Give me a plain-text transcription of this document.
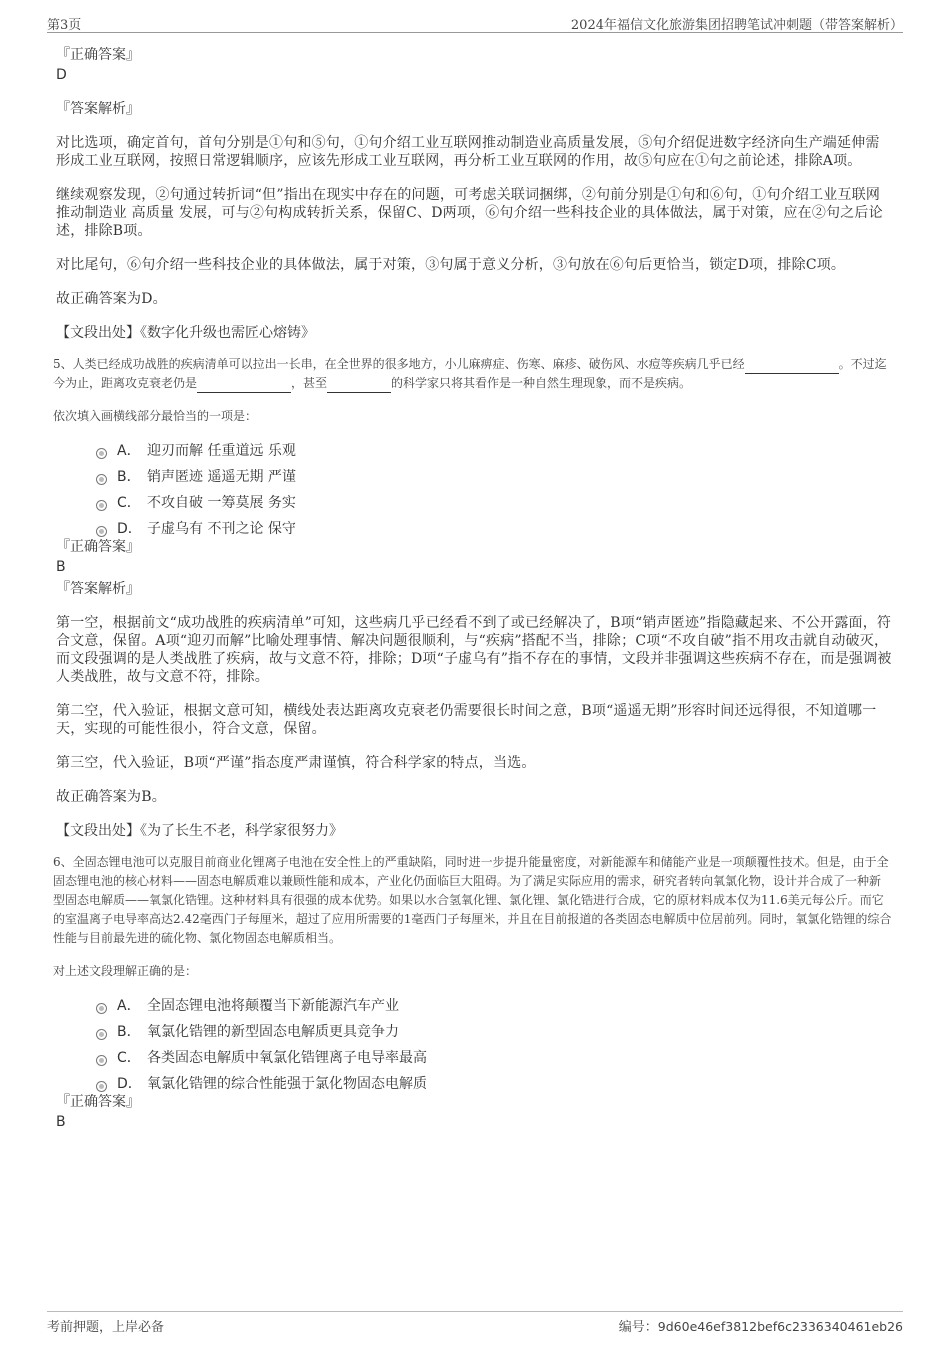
第3页	2024年福信文化旅游集团招聘笔试冲刺题（带答案解析）
『正确答案』
D
『答案解析』

对比选项，确定首句，首句分别是①句和⑤句，①句介绍工业互联网推动制造业高质量发展，⑤句介绍促进数字经济向生产端延伸需形成工业互联网，按照日常逻辑顺序，应该先形成工业互联网，再分析工业互联网的作用，故⑤句应在①句之前论述，排除A项。

继续观察发现，②句通过转折词“但”指出在现实中存在的问题，可考虑关联词捆绑，②句前分别是①句和⑥句，①句介绍工业互联网推动制造业 高质量 发展，可与②句构成转折关系，保留C、D两项，⑥句介绍一些科技企业的具体做法，属于对策，应在②句之后论述，排除B项。

对比尾句，⑥句介绍一些科技企业的具体做法，属于对策，③句属于意义分析，③句放在⑥句后更恰当，锁定D项，排除C项。

故正确答案为D。

【文段出处】《数字化升级也需匠心熔铸》

5、人类已经成功战胜的疾病清单可以拉出一长串，在全世界的很多地方，小儿麻痹症、伤寒、麻疹、破伤风、水痘等疾病几乎已经	。不过迄今为止，距离攻克衰老仍是	，甚至	的科学家只将其看作是一种自然生理现象，而不是疾病。

依次填入画横线部分最恰当的一项是：
A． 迎刃而解 任重道远 乐观
B． 销声匿迹 遥遥无期 严谨
C． 不攻自破 一筹莫展 务实
D． 子虚乌有 不刊之论 保守
『正确答案』
B
『答案解析』

第一空，根据前文“成功战胜的疾病清单”可知，这些病几乎已经看不到了或已经解决了，B项“销声匿迹”指隐藏起来、不公开露面，符合文意，保留。A项“迎刃而解”比喻处理事情、解决问题很顺利，与“疾病”搭配不当，排除；C项“不攻自破”指不用攻击就自动破灭，而文段强调的是人类战胜了疾病，故与文意不符，排除；D项“子虚乌有”指不存在的事情，文段并非强调这些疾病不存在，而是强调被人类战胜，故与文意不符，排除。

第二空，代入验证，根据文意可知，横线处表达距离攻克衰老仍需要很长时间之意，B项“遥遥无期”形容时间还远得很，不知道哪一天，实现的可能性很小，符合文意，保留。

第三空，代入验证，B项“严谨”指态度严肃谨慎，符合科学家的特点，当选。

故正确答案为B。

【文段出处】《为了长生不老，科学家很努力》

6、全固态锂电池可以克服目前商业化锂离子电池在安全性上的严重缺陷，同时进一步提升能量密度，对新能源车和储能产业是一项颠覆性技术。但是，由于全固态锂电池的核心材料——固态电解质难以兼顾性能和成本，产业化仍面临巨大阻碍。为了满足实际应用的需求，研究者转向氧氯化物，设计并合成了一种新型固态电解质——氧氯化锆锂。这种材料具有很强的成本优势。如果以水合氢氧化锂、氯化锂、氯化锆进行合成，它的原材料成本仅为11.6美元每公斤。而它的室温离子电导率高达2.42毫西门子每厘米，超过了应用所需要的1毫西门子每厘米，并且在目前报道的各类固态电解质中位居前列。同时，氧氯化锆锂的综合性能与目前最先进的硫化物、氯化物固态电解质相当。

对上述文段理解正确的是：
A． 全固态锂电池将颠覆当下新能源汽车产业
B． 氧氯化锆锂的新型固态电解质更具竞争力
C． 各类固态电解质中氧氯化锆锂离子电导率最高
D． 氧氯化锆锂的综合性能强于氯化物固态电解质
『正确答案』
B
考前押题，上岸必备	编号：9d60e46ef3812bef6c2336340461eb26
